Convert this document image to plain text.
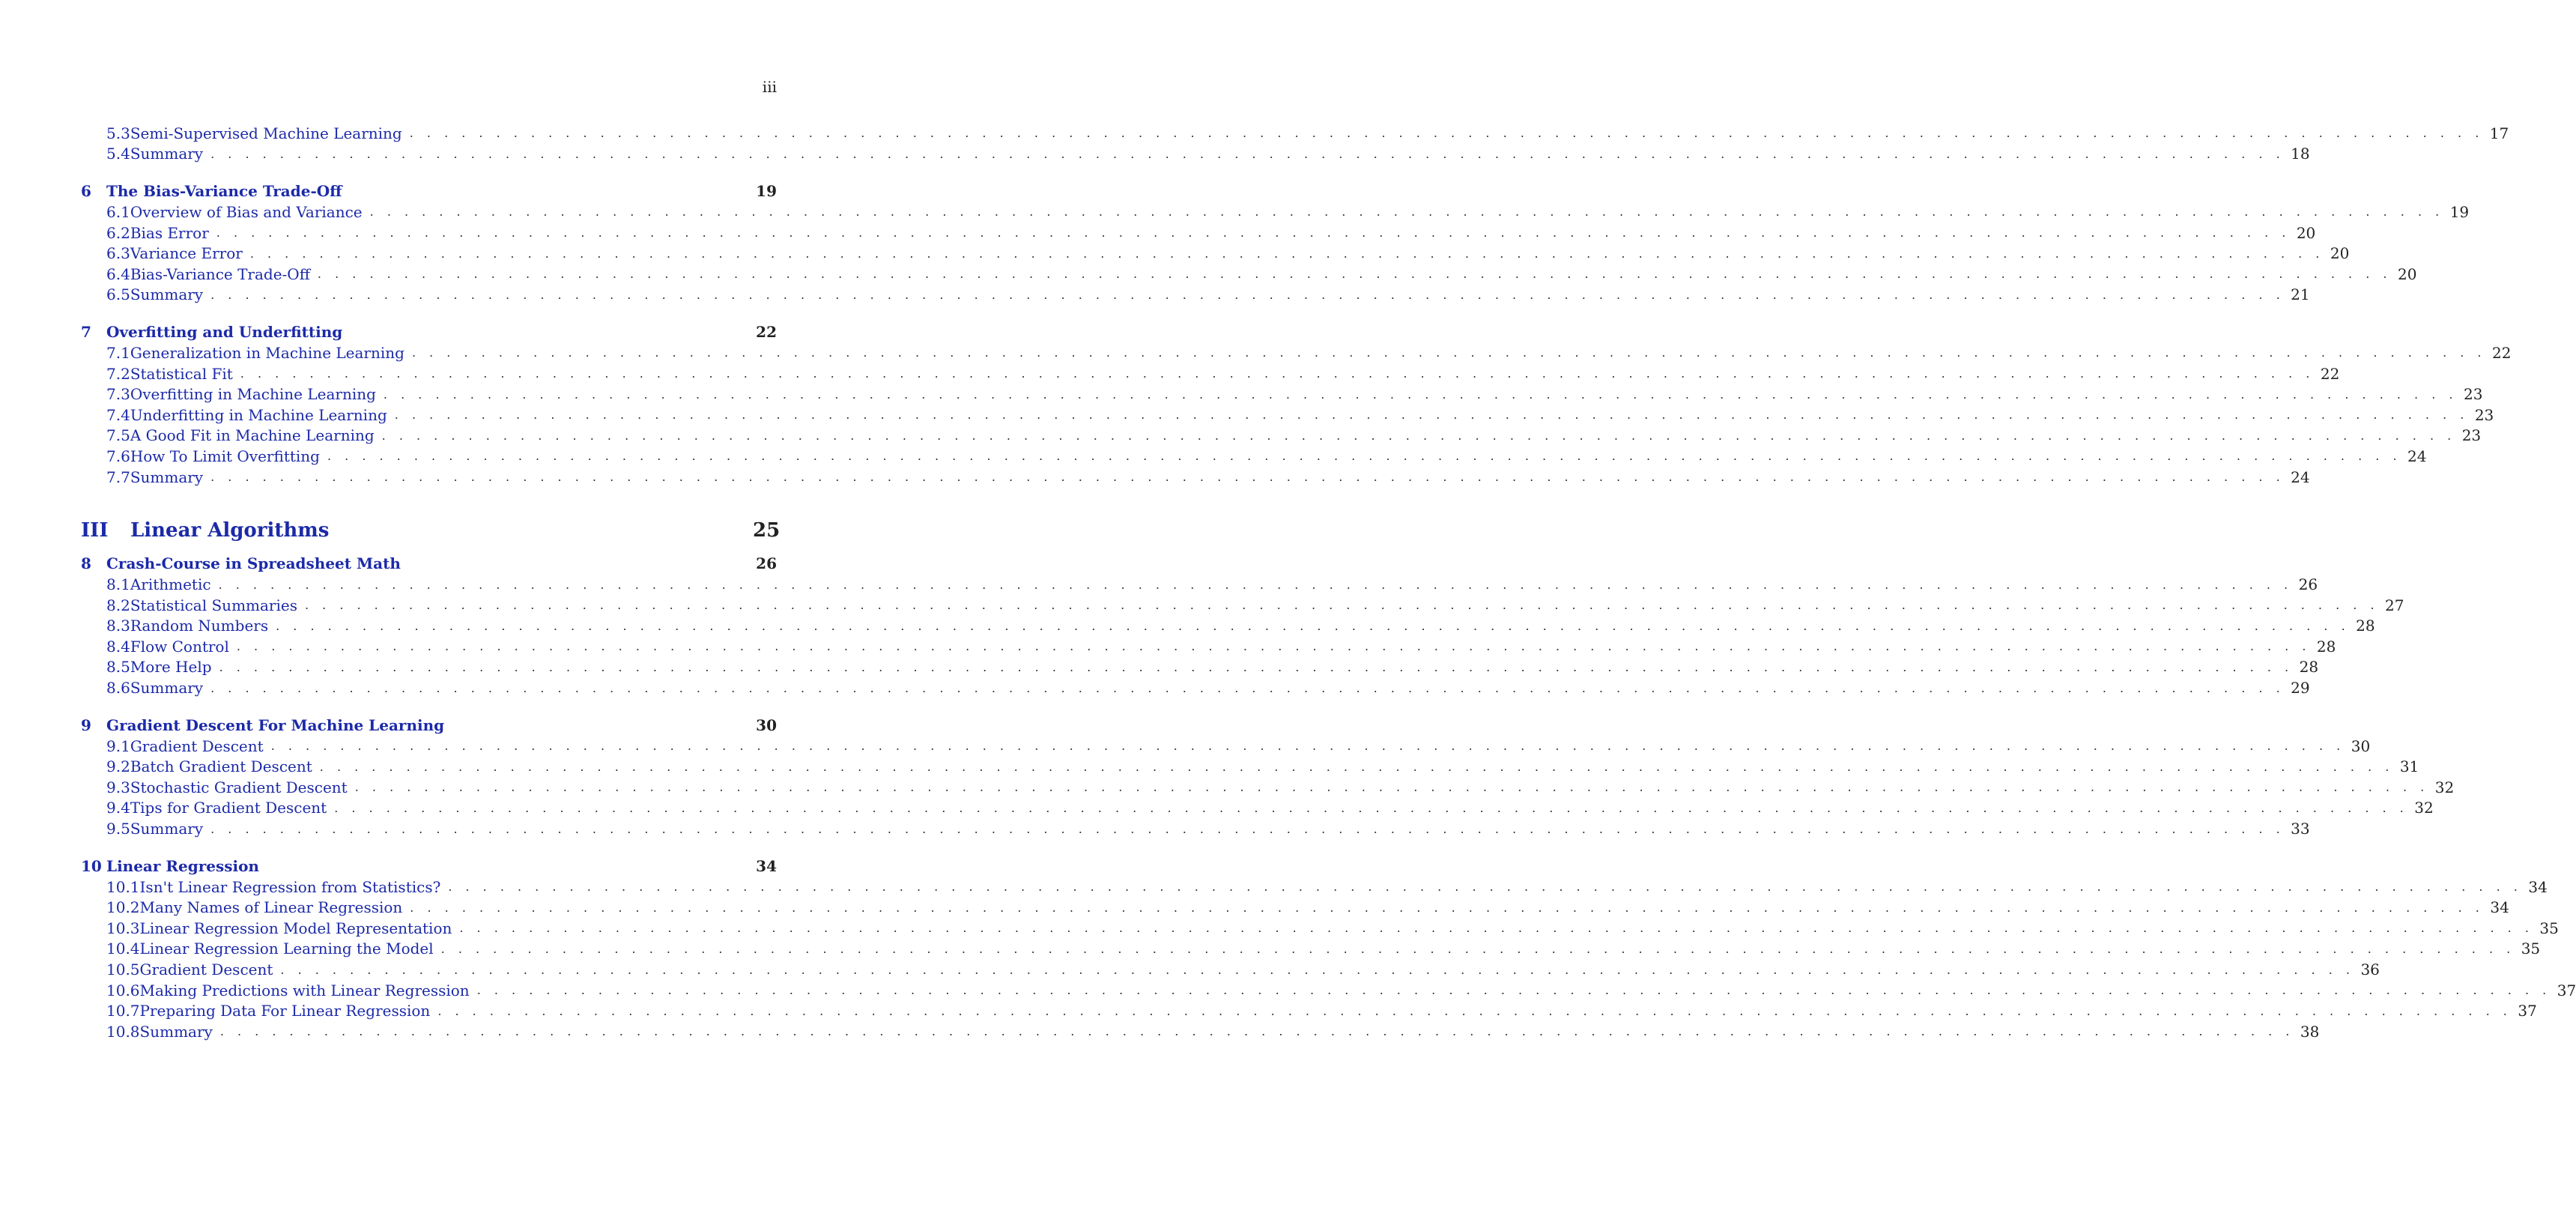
iii
5.3 Semi-Supervised Machine Learning . . . . . . . . . . . . . . . . . . . . . . . . . . . . . . . . . . . . . . . . . . . . . . . . . . . . . . . . . . . . . . . . . . . . . . . . . . . . . . . . . . . . . . . . . . . . . . . . . . . . . . . . . . . . . . . . . . . . . . . . 17
5.4 Summary . . . . . . . . . . . . . . . . . . . . . . . . . . . . . . . . . . . . . . . . . . . . . . . . . . . . . . . . . . . . . . . . . . . . . . . . . . . . . . . . . . . . . . . . . . . . . . . . . . . . . . . . . . . . . . . . . . . . . . . . 18
6	The Bias-Variance Trade-Off	19
6.1 Overview of Bias and Variance . . . . . . . . . . . . . . . . . . . . . . . . . . . . . . . . . . . . . . . . . . . . . . . . . . . . . . . . . . . . . . . . . . . . . . . . . . . . . . . . . . . . . . . . . . . . . . . . . . . . . . . . . . . . . . . . . . . . . . . . 19
6.2 Bias Error . . . . . . . . . . . . . . . . . . . . . . . . . . . . . . . . . . . . . . . . . . . . . . . . . . . . . . . . . . . . . . . . . . . . . . . . . . . . . . . . . . . . . . . . . . . . . . . . . . . . . . . . . . . . . . . . . . . . . . . . 20
6.3 Variance Error . . . . . . . . . . . . . . . . . . . . . . . . . . . . . . . . . . . . . . . . . . . . . . . . . . . . . . . . . . . . . . . . . . . . . . . . . . . . . . . . . . . . . . . . . . . . . . . . . . . . . . . . . . . . . . . . . . . . . . . . 20
6.4 Bias-Variance Trade-Off . . . . . . . . . . . . . . . . . . . . . . . . . . . . . . . . . . . . . . . . . . . . . . . . . . . . . . . . . . . . . . . . . . . . . . . . . . . . . . . . . . . . . . . . . . . . . . . . . . . . . . . . . . . . . . . . . . . . . . . . 20
6.5 Summary . . . . . . . . . . . . . . . . . . . . . . . . . . . . . . . . . . . . . . . . . . . . . . . . . . . . . . . . . . . . . . . . . . . . . . . . . . . . . . . . . . . . . . . . . . . . . . . . . . . . . . . . . . . . . . . . . . . . . . . . 21
7	Overfitting and Underfitting	22
7.1 Generalization in Machine Learning . . . . . . . . . . . . . . . . . . . . . . . . . . . . . . . . . . . . . . . . . . . . . . . . . . . . . . . . . . . . . . . . . . . . . . . . . . . . . . . . . . . . . . . . . . . . . . . . . . . . . . . . . . . . . . . . . . . . . . . . 22
7.2 Statistical Fit . . . . . . . . . . . . . . . . . . . . . . . . . . . . . . . . . . . . . . . . . . . . . . . . . . . . . . . . . . . . . . . . . . . . . . . . . . . . . . . . . . . . . . . . . . . . . . . . . . . . . . . . . . . . . . . . . . . . . . . . 22
7.3 Overfitting in Machine Learning . . . . . . . . . . . . . . . . . . . . . . . . . . . . . . . . . . . . . . . . . . . . . . . . . . . . . . . . . . . . . . . . . . . . . . . . . . . . . . . . . . . . . . . . . . . . . . . . . . . . . . . . . . . . . . . . . . . . . . . . 23
7.4 Underfitting in Machine Learning . . . . . . . . . . . . . . . . . . . . . . . . . . . . . . . . . . . . . . . . . . . . . . . . . . . . . . . . . . . . . . . . . . . . . . . . . . . . . . . . . . . . . . . . . . . . . . . . . . . . . . . . . . . . . . . . . . . . . . . . 23
7.5 A Good Fit in Machine Learning . . . . . . . . . . . . . . . . . . . . . . . . . . . . . . . . . . . . . . . . . . . . . . . . . . . . . . . . . . . . . . . . . . . . . . . . . . . . . . . . . . . . . . . . . . . . . . . . . . . . . . . . . . . . . . . . . . . . . . . . 23
7.6 How To Limit Overfitting . . . . . . . . . . . . . . . . . . . . . . . . . . . . . . . . . . . . . . . . . . . . . . . . . . . . . . . . . . . . . . . . . . . . . . . . . . . . . . . . . . . . . . . . . . . . . . . . . . . . . . . . . . . . . . . . . . . . . . . . 24
7.7 Summary . . . . . . . . . . . . . . . . . . . . . . . . . . . . . . . . . . . . . . . . . . . . . . . . . . . . . . . . . . . . . . . . . . . . . . . . . . . . . . . . . . . . . . . . . . . . . . . . . . . . . . . . . . . . . . . . . . . . . . . . 24
III	Linear Algorithms	25
8	Crash-Course in Spreadsheet Math	26
8.1 Arithmetic . . . . . . . . . . . . . . . . . . . . . . . . . . . . . . . . . . . . . . . . . . . . . . . . . . . . . . . . . . . . . . . . . . . . . . . . . . . . . . . . . . . . . . . . . . . . . . . . . . . . . . . . . . . . . . . . . . . . . . . . 26
8.2 Statistical Summaries . . . . . . . . . . . . . . . . . . . . . . . . . . . . . . . . . . . . . . . . . . . . . . . . . . . . . . . . . . . . . . . . . . . . . . . . . . . . . . . . . . . . . . . . . . . . . . . . . . . . . . . . . . . . . . . . . . . . . . . . 27
8.3 Random Numbers . . . . . . . . . . . . . . . . . . . . . . . . . . . . . . . . . . . . . . . . . . . . . . . . . . . . . . . . . . . . . . . . . . . . . . . . . . . . . . . . . . . . . . . . . . . . . . . . . . . . . . . . . . . . . . . . . . . . . . . . 28
8.4 Flow Control . . . . . . . . . . . . . . . . . . . . . . . . . . . . . . . . . . . . . . . . . . . . . . . . . . . . . . . . . . . . . . . . . . . . . . . . . . . . . . . . . . . . . . . . . . . . . . . . . . . . . . . . . . . . . . . . . . . . . . . . 28
8.5 More Help . . . . . . . . . . . . . . . . . . . . . . . . . . . . . . . . . . . . . . . . . . . . . . . . . . . . . . . . . . . . . . . . . . . . . . . . . . . . . . . . . . . . . . . . . . . . . . . . . . . . . . . . . . . . . . . . . . . . . . . . 28
8.6 Summary . . . . . . . . . . . . . . . . . . . . . . . . . . . . . . . . . . . . . . . . . . . . . . . . . . . . . . . . . . . . . . . . . . . . . . . . . . . . . . . . . . . . . . . . . . . . . . . . . . . . . . . . . . . . . . . . . . . . . . . . 29
9	Gradient Descent For Machine Learning	30
9.1 Gradient Descent . . . . . . . . . . . . . . . . . . . . . . . . . . . . . . . . . . . . . . . . . . . . . . . . . . . . . . . . . . . . . . . . . . . . . . . . . . . . . . . . . . . . . . . . . . . . . . . . . . . . . . . . . . . . . . . . . . . . . . . . 30
9.2 Batch Gradient Descent . . . . . . . . . . . . . . . . . . . . . . . . . . . . . . . . . . . . . . . . . . . . . . . . . . . . . . . . . . . . . . . . . . . . . . . . . . . . . . . . . . . . . . . . . . . . . . . . . . . . . . . . . . . . . . . . . . . . . . . . 31
9.3 Stochastic Gradient Descent . . . . . . . . . . . . . . . . . . . . . . . . . . . . . . . . . . . . . . . . . . . . . . . . . . . . . . . . . . . . . . . . . . . . . . . . . . . . . . . . . . . . . . . . . . . . . . . . . . . . . . . . . . . . . . . . . . . . . . . . 32
9.4 Tips for Gradient Descent . . . . . . . . . . . . . . . . . . . . . . . . . . . . . . . . . . . . . . . . . . . . . . . . . . . . . . . . . . . . . . . . . . . . . . . . . . . . . . . . . . . . . . . . . . . . . . . . . . . . . . . . . . . . . . . . . . . . . . . . 32
9.5 Summary . . . . . . . . . . . . . . . . . . . . . . . . . . . . . . . . . . . . . . . . . . . . . . . . . . . . . . . . . . . . . . . . . . . . . . . . . . . . . . . . . . . . . . . . . . . . . . . . . . . . . . . . . . . . . . . . . . . . . . . . 33
10 Linear Regression	34
10.1 Isn't Linear Regression from Statistics? . . . . . . . . . . . . . . . . . . . . . . . . . . . . . . . . . . . . . . . . . . . . . . . . . . . . . . . . . . . . . . . . . . . . . . . . . . . . . . . . . . . . . . . . . . . . . . . . . . . . . . . . . . . . . . . . . . . . . . . . 34
10.2 Many Names of Linear Regression . . . . . . . . . . . . . . . . . . . . . . . . . . . . . . . . . . . . . . . . . . . . . . . . . . . . . . . . . . . . . . . . . . . . . . . . . . . . . . . . . . . . . . . . . . . . . . . . . . . . . . . . . . . . . . . . . . . . . . . . 34
10.3 Linear Regression Model Representation . . . . . . . . . . . . . . . . . . . . . . . . . . . . . . . . . . . . . . . . . . . . . . . . . . . . . . . . . . . . . . . . . . . . . . . . . . . . . . . . . . . . . . . . . . . . . . . . . . . . . . . . . . . . . . . . . . . . . . . . 35
10.4 Linear Regression Learning the Model . . . . . . . . . . . . . . . . . . . . . . . . . . . . . . . . . . . . . . . . . . . . . . . . . . . . . . . . . . . . . . . . . . . . . . . . . . . . . . . . . . . . . . . . . . . . . . . . . . . . . . . . . . . . . . . . . . . . . . . . 35
10.5 Gradient Descent . . . . . . . . . . . . . . . . . . . . . . . . . . . . . . . . . . . . . . . . . . . . . . . . . . . . . . . . . . . . . . . . . . . . . . . . . . . . . . . . . . . . . . . . . . . . . . . . . . . . . . . . . . . . . . . . . . . . . . . . 36
10.6 Making Predictions with Linear Regression . . . . . . . . . . . . . . . . . . . . . . . . . . . . . . . . . . . . . . . . . . . . . . . . . . . . . . . . . . . . . . . . . . . . . . . . . . . . . . . . . . . . . . . . . . . . . . . . . . . . . . . . . . . . . . . . . . . . . . . . 37
10.7 Preparing Data For Linear Regression . . . . . . . . . . . . . . . . . . . . . . . . . . . . . . . . . . . . . . . . . . . . . . . . . . . . . . . . . . . . . . . . . . . . . . . . . . . . . . . . . . . . . . . . . . . . . . . . . . . . . . . . . . . . . . . . . . . . . . . . 37
10.8 Summary . . . . . . . . . . . . . . . . . . . . . . . . . . . . . . . . . . . . . . . . . . . . . . . . . . . . . . . . . . . . . . . . . . . . . . . . . . . . . . . . . . . . . . . . . . . . . . . . . . . . . . . . . . . . . . . . . . . . . . . . 38
